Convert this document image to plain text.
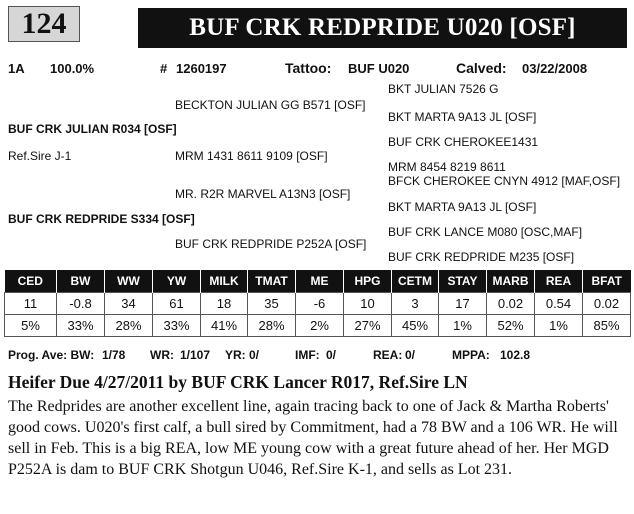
124	BUF CRK REDPRIDE U020 [OSF]
1A 100.0%	# 1260197	Tattoo: BUF U020	Calved: 03/22/2008
BKT JULIAN 7526 G
BECKTON JULIAN GG B571 [OSF]
BKT MARTA 9A13 JL [OSF]
BUF CRK JULIAN R034 [OSF]
BUF CRK CHEROKEE1431
Ref.Sire J-1	MRM 1431 8611 9109 [OSF]
MRM 8454 8219 8611
BFCK CHEROKEE CNYN 4912 [MAF,OSF]
MR. R2R MARVEL A13N3 [OSF]
BKT MARTA 9A13 JL [OSF]
BUF CRK REDPRIDE S334 [OSF]
BUF CRK LANCE M080 [OSC,MAF]
BUF CRK REDPRIDE P252A [OSF]
BUF CRK REDPRIDE M235 [OSF]
CED	BW	WW	YW	MILK	TMAT	ME	HPG	CETM	STAY	MARB	REA	BFAT
11	-0.8	34	61	18	35	-6	10	3	17	0.02	0.54	0.02
5%	33%	28%	33%	41%	28%	2%	27%	45%	1%	52%	1%	85%
Prog. Ave: BW: 1/78 WR: 1/107 YR: 0/	IMF: 0/	REA: 0/	MPPA: 102.8
Heifer Due 4/27/2011 by BUF CRK Lancer R017, Ref.Sire LN
The Redprides are another excellent line, again tracing back to one of Jack & Martha Roberts' good cows. U020's first calf, a bull sired by Commitment, had a 78 BW and a 106 WR. He will sell in Feb. This is a big REA, low ME young cow with a great future ahead of her. Her MGD P252A is dam to BUF CRK Shotgun U046, Ref.Sire K-1, and sells as Lot 231.
